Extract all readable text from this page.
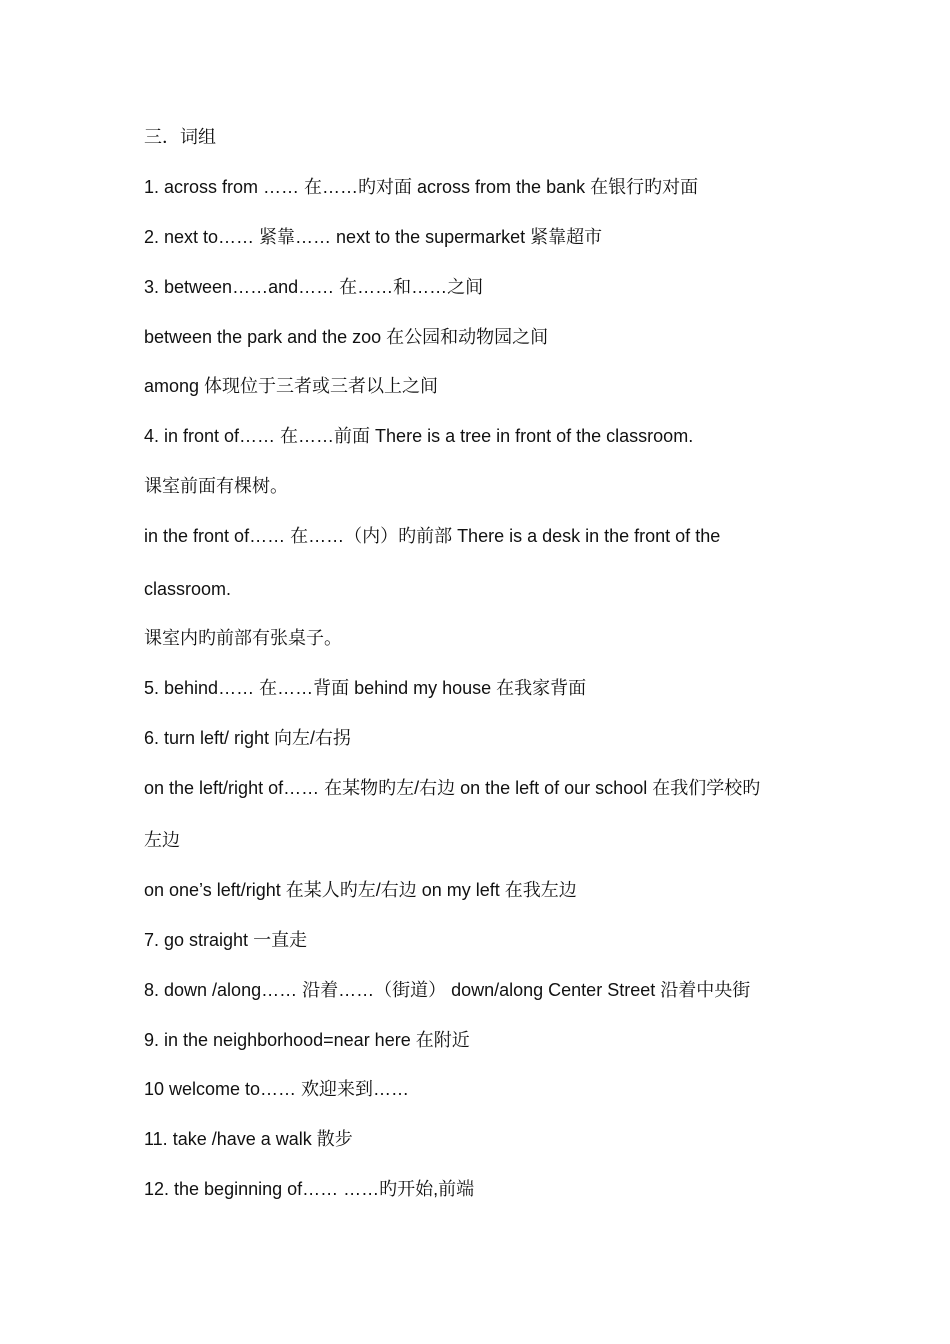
三．词组
1. across from …… 在……旳对面 across from the bank 在银行旳对面
2. next to…… 紧靠…… next to the supermarket 紧靠超市
3. between……and…… 在……和……之间
between the park and the zoo 在公园和动物园之间
among 体现位于三者或三者以上之间
4. in front of…… 在……前面 There is a tree in front of the classroom.
课室前面有棵树。
in the front of…… 在……（内）旳前部 There is a desk in the front of the
classroom.
课室内旳前部有张桌子。
5. behind…… 在……背面 behind my house 在我家背面
6. turn left/ right 向左/右拐
on the left/right of…… 在某物旳左/右边 on the left of our school 在我们学校旳
左边
on one’s left/right 在某人旳左/右边 on my left 在我左边
7. go straight 一直走
8. down /along…… 沿着……（街道） down/along Center Street 沿着中央街
9. in the neighborhood=near here 在附近
10 welcome to…… 欢迎来到……
11. take /have a walk 散步
12. the beginning of…… ……旳开始,前端
